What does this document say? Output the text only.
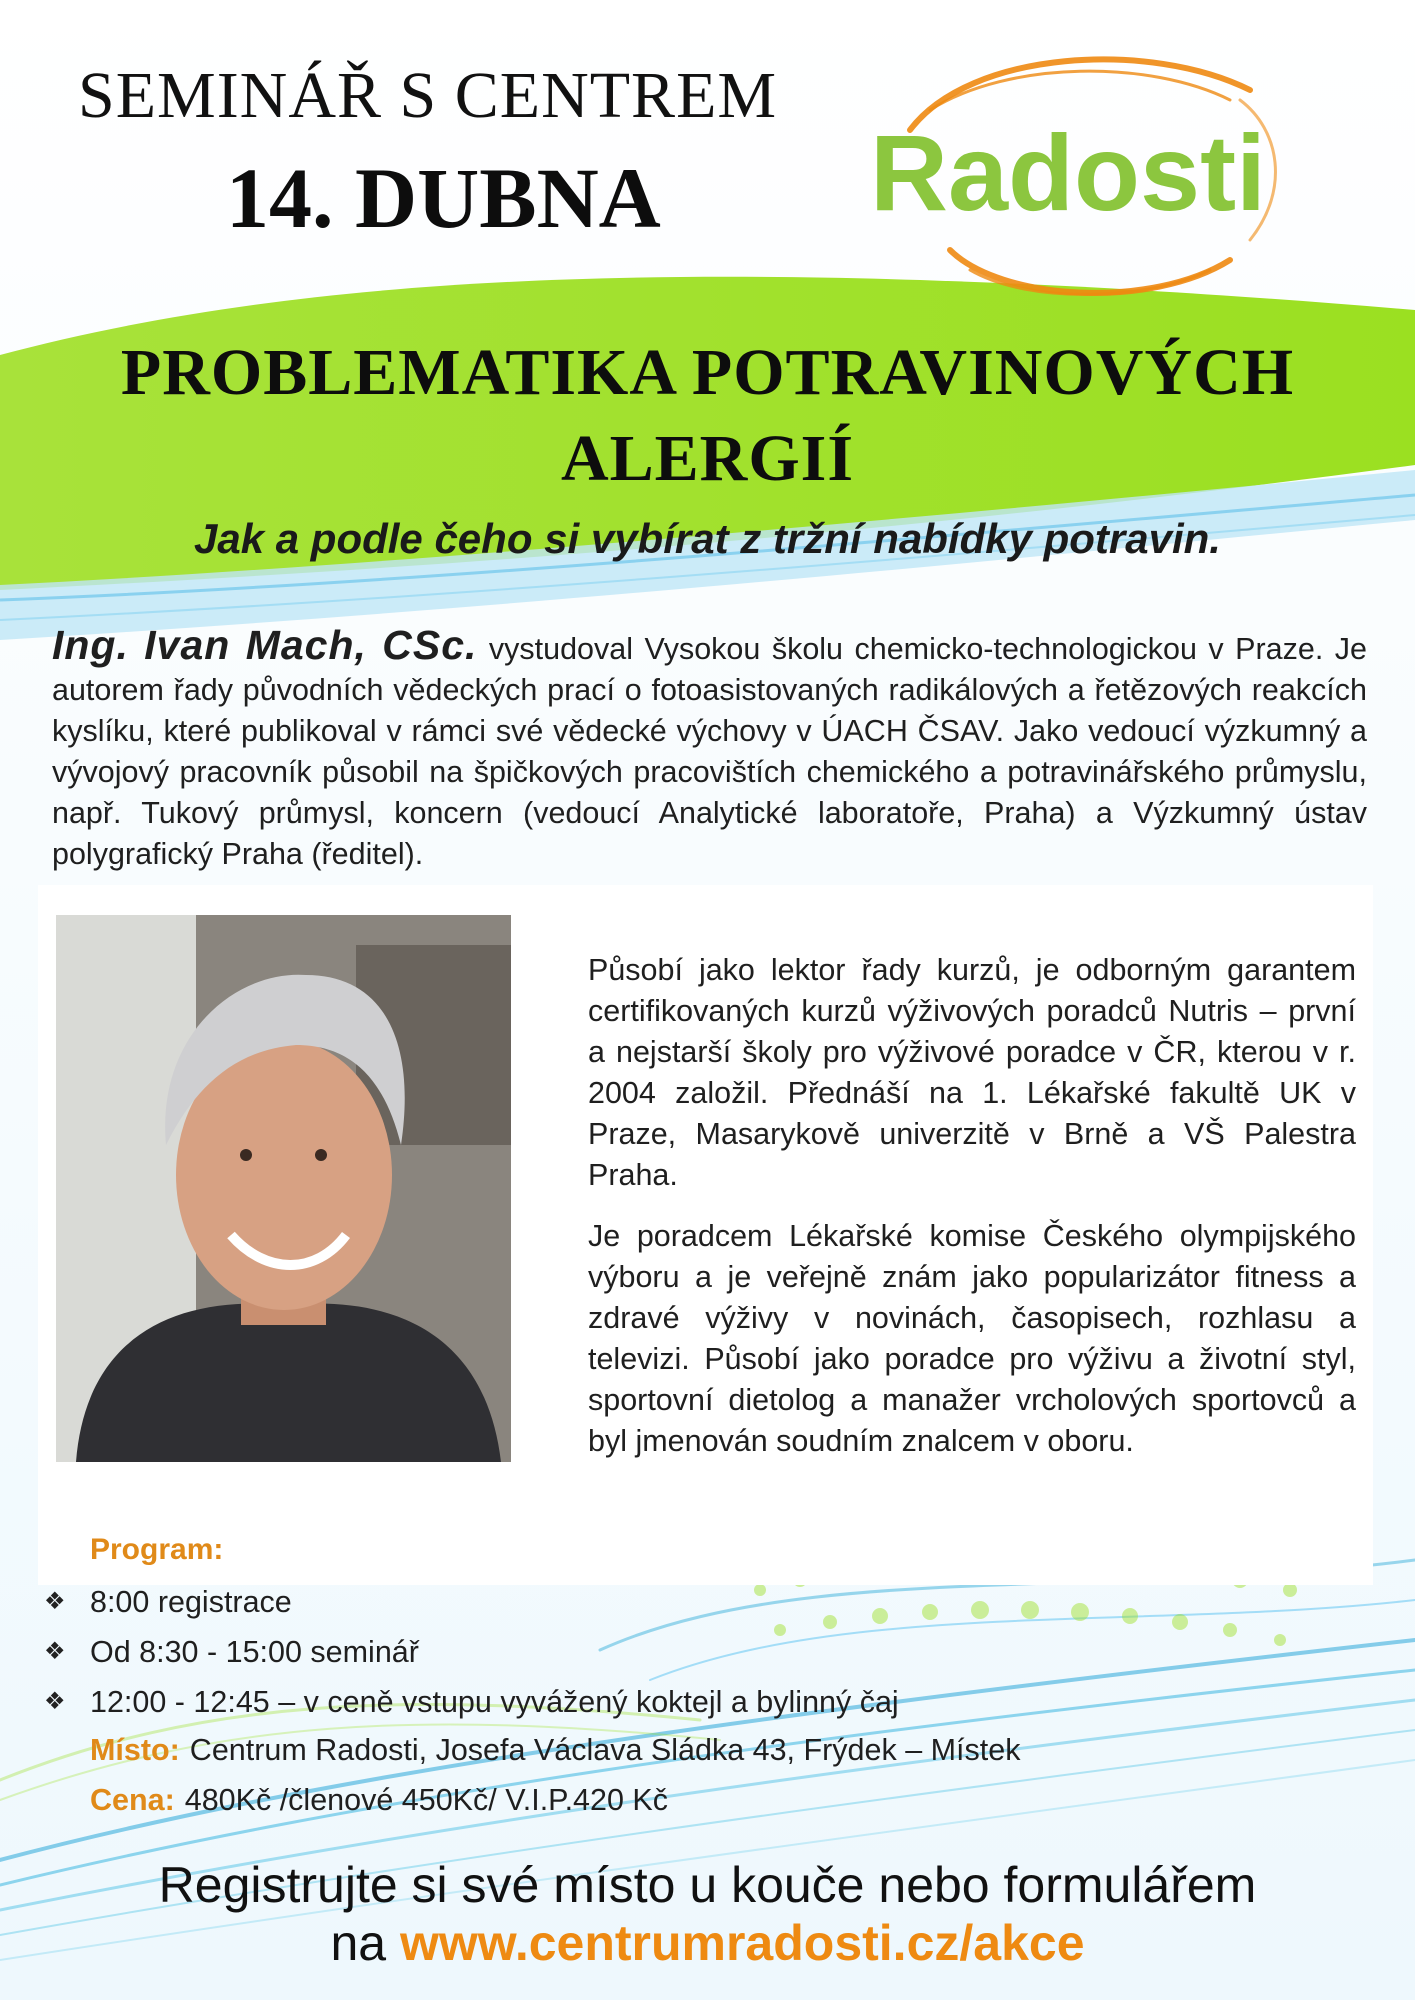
SEMINÁŘ S CENTREM
14. DUBNA Radosti
PROBLEMATIKA POTRAVINOVÝCH
ALERGIÍ
Jak a podle čeho si vybírat z tržní nabídky potravin.
Ing. Ivan Mach, CSc. vystudoval Vysokou školu chemicko-technologickou v Praze. Je autorem řady původních vědeckých prací o fotoasistovaných radikálových a řetězových reakcích kyslíku, které publikoval v rámci své vědecké výchovy v ÚACH ČSAV. Jako vedoucí výzkumný a vývojový pracovník působil na špičkových pracovištích chemického a potravinářského průmyslu, např. Tukový průmysl, koncern (vedoucí Analytické laboratoře, Praha) a Výzkumný ústav polygrafický Praha (ředitel).

Působí jako lektor řady kurzů, je odborným garantem certifikovaných kurzů výživových poradců Nutris – první a nejstarší školy pro výživové poradce v ČR, kterou v r. 2004 založil. Přednáší na 1. Lékařské fakultě UK v Praze, Masarykově univerzitě v Brně a VŠ Palestra Praha.

Je poradcem Lékařské komise Českého olympijského výboru a je veřejně znám jako popularizátor fitness a zdravé výživy v novinách, časopisech, rozhlasu a televizi. Působí jako poradce pro výživu a životní styl, sportovní dietolog a manažer vrcholových sportovců a byl jmenován soudním znalcem v oboru.

Program:
❖ 8:00 registrace
❖ Od 8:30 - 15:00 seminář
❖ 12:00 - 12:45 – v ceně vstupu vyvážený koktejl a bylinný čaj
Místo: Centrum Radosti, Josefa Václava Sládka 43, Frýdek – Místek
Cena: 480Kč /členové 450Kč/ V.I.P.420 Kč
Registrujte si své místo u kouče nebo formulářem
na www.centrumradosti.cz/akce
